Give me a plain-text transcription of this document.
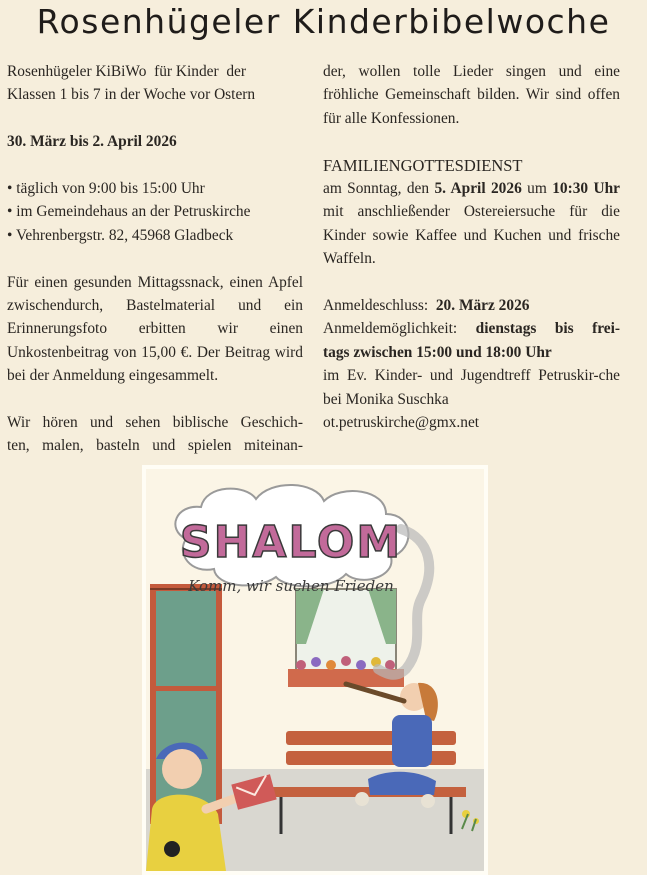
Rosenhügeler Kinderbibelwoche

Rosenhügeler KiBiWo  für Kinder  der

Klassen 1 bis 7 in der Woche vor Ostern

30. März bis 2. April 2026

• täglich von 9:00 bis 15:00 Uhr

• im Gemeindehaus an der Petruskirche

• Vehrenbergstr. 82, 45968 Gladbeck

Für einen gesunden Mittagssnack, einen Apfel zwischendurch, Bastelmaterial und ein Erinnerungsfoto erbitten wir einen Unkostenbeitrag von 15,00 €. Der Beitrag wird bei der Anmeldung eingesammelt.

Wir hören und sehen biblische Geschich-

ten, malen, basteln und spielen miteinan-

der, wollen tolle Lieder singen und eine fröhliche Gemeinschaft bilden. Wir sind offen für alle Konfessionen.

FAMILIENGOTTESDIENST

am Sonntag, den 5. April 2026 um 10:30 Uhr mit anschließender Ostereiersuche für die Kinder sowie Kaffee und Kuchen und frische Waffeln.

Anmeldeschluss:  20. März 2026

Anmeldemöglichkeit: dienstags bis frei-

tags zwischen 15:00 und 18:00 Uhr

im Ev. Kinder- und Jugendtreff Petruskir-che bei Monika Suschka

ot.petruskirche@gmx.net

SHALOM
Komm, wir suchen Frieden
